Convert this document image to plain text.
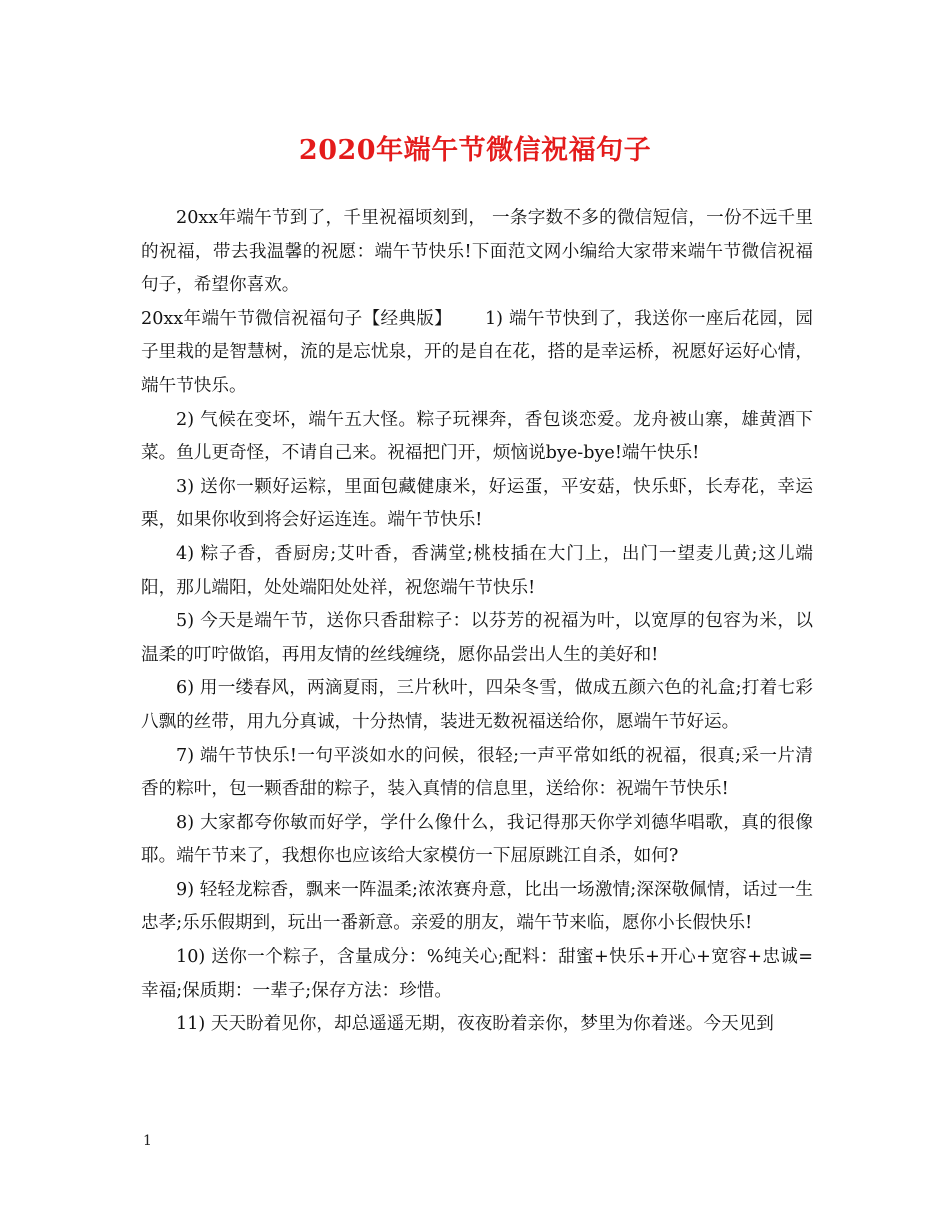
2020年端午节微信祝福句子

20xx年端午节到了，千里祝福顷刻到， 一条字数不多的微信短信，一份不远千里的祝福，带去我温馨的祝愿：端午节快乐!下面范文网小编给大家带来端午节微信祝福句子，希望你喜欢。

20xx年端午节微信祝福句子【经典版】　　 1) 端午节快到了，我送你一座后花园，园子里栽的是智慧树，流的是忘忧泉，开的是自在花，搭的是幸运桥，祝愿好运好心情，端午节快乐。

2) 气候在变坏，端午五大怪。粽子玩裸奔，香包谈恋爱。龙舟被山寨，雄黄酒下菜。鱼儿更奇怪，不请自己来。祝福把门开，烦恼说bye-bye!端午快乐!

3) 送你一颗好运粽，里面包藏健康米，好运蛋，平安菇，快乐虾，长寿花，幸运栗，如果你收到将会好运连连。端午节快乐!

4) 粽子香，香厨房;艾叶香，香满堂;桃枝插在大门上，出门一望麦儿黄;这儿端阳，那儿端阳，处处端阳处处祥，祝您端午节快乐!

5) 今天是端午节，送你只香甜粽子：以芬芳的祝福为叶，以宽厚的包容为米，以温柔的叮咛做馅，再用友情的丝线缠绕，愿你品尝出人生的美好和!

6) 用一缕春风，两滴夏雨，三片秋叶，四朵冬雪，做成五颜六色的礼盒;打着七彩八飘的丝带，用九分真诚，十分热情，装进无数祝福送给你，愿端午节好运。

7) 端午节快乐!一句平淡如水的问候，很轻;一声平常如纸的祝福，很真;采一片清香的粽叶，包一颗香甜的粽子，装入真情的信息里，送给你：祝端午节快乐!

8) 大家都夸你敏而好学，学什么像什么，我记得那天你学刘德华唱歌，真的很像耶。端午节来了，我想你也应该给大家模仿一下屈原跳江自杀，如何?

9) 轻轻龙粽香，飘来一阵温柔;浓浓赛舟意，比出一场激情;深深敬佩情，话过一生忠孝;乐乐假期到，玩出一番新意。亲爱的朋友，端午节来临，愿你小长假快乐!

10) 送你一个粽子，含量成分：%纯关心;配料：甜蜜+快乐+开心+宽容+忠诚=幸福;保质期：一辈子;保存方法：珍惜。

11) 天天盼着见你，却总遥遥无期，夜夜盼着亲你，梦里为你着迷。今天见到

1
